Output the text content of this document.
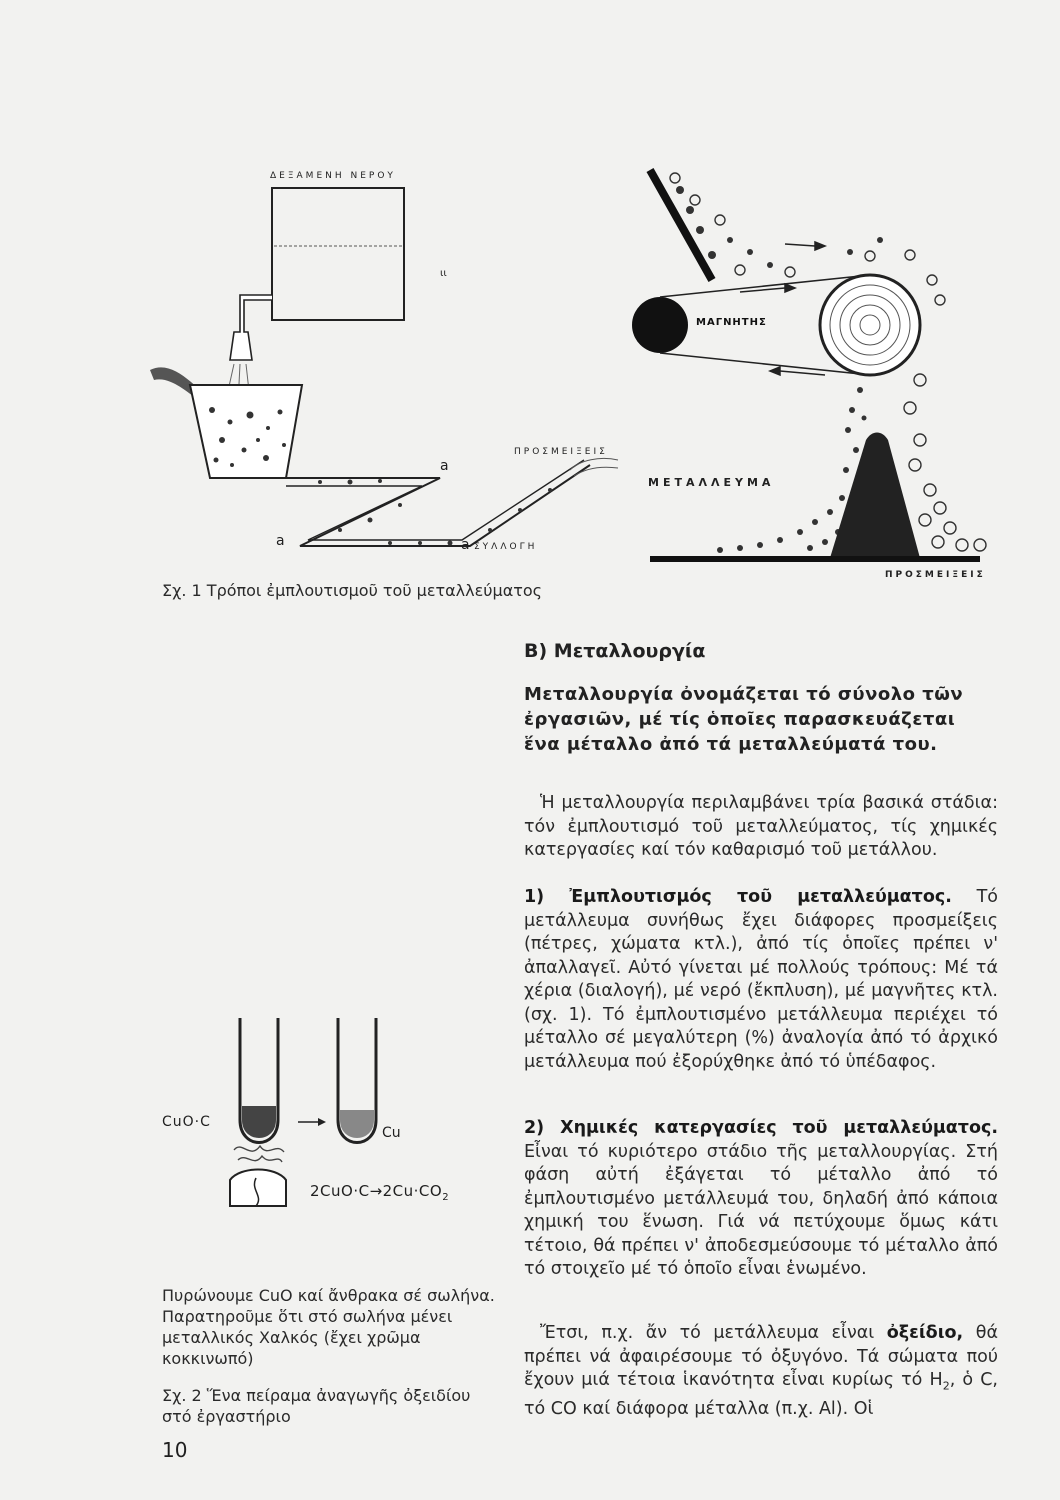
ΔΕΞΑΜΕΝΗ ΝΕΡΟΥ
ιι
a
a	a ΣΥΛΛΟΓΗ
ΠΡΟΣΜΕΙΞΕΙΣ
ΜΑΓΝΗΤΗΣ
ΜΕΤΑΛΛΕΥΜΑ
ΠΡΟΣΜΕΙΞΕΙΣ
Σχ. 1 Τρόποι ἐμπλουτισμοῦ τοῦ μεταλλεύματος
CuO·C
Cu
$2CuO\cdot C\to 2Cu\cdot CO_2$
Πυρώνουμε CuO καί ἄνθρακα σέ σωλήνα. Παρατηροῦμε ὅτι στό σωλήνα μένει μεταλλικός Χαλκός (ἔχει χρῶμα κοκκινωπό)
Σχ. 2 Ἕνα πείραμα ἀναγωγῆς ὀξειδίου στό ἐργαστήριο
10
Β) Μεταλλουργία
Μεταλλουργία ὀνομάζεται τό σύνολο τῶν ἐργασιῶν, μέ τίς ὁποῖες παρασκευάζεται ἕνα μέταλλο ἀπό τά μεταλλεύματά του.

Ἡ μεταλλουργία περιλαμβάνει τρία βασικά στάδια: τόν ἐμπλουτισμό τοῦ μεταλλεύματος, τίς χημικές κατεργασίες καί τόν καθαρισμό τοῦ μετάλλου.

1) Ἐμπλουτισμός τοῦ μεταλλεύματος. Τό μετάλλευμα συνήθως ἔχει διάφορες προσμείξεις (πέτρες, χώματα κτλ.), ἀπό τίς ὁποῖες πρέπει ν' ἀπαλλαγεῖ. Αὐτό γίνεται μέ πολλούς τρόπους: Μέ τά χέρια (διαλογή), μέ νερό (ἔκπλυση), μέ μαγνῆτες κτλ. (σχ. 1). Τό ἐμπλουτισμένο μετάλλευμα περιέχει τό μέταλλο σέ μεγαλύτερη (%) ἀναλογία ἀπό τό ἀρχικό μετάλλευμα πού ἐξορύχθηκε ἀπό τό ὑπέδαφος.

2) Χημικές κατεργασίες τοῦ μεταλλεύματος. Εἶναι τό κυριότερο στάδιο τῆς μεταλλουργίας. Στή φάση αὐτή ἐξάγεται τό μέταλλο ἀπό τό ἐμπλουτισμένο μετάλλευμά του, δηλαδή ἀπό κάποια χημική του ἕνωση. Γιά νά πετύχουμε ὅμως κάτι τέτοιο, θά πρέπει ν' ἀποδεσμεύσουμε τό μέταλλο ἀπό τό στοιχεῖο μέ τό ὁποῖο εἶναι ἑνωμένο.

Ἔτσι, π.χ. ἄν τό μετάλλευμα εἶναι ὀξείδιο, θά πρέπει νά ἀφαιρέσουμε τό ὀξυγόνο. Τά σώματα πού ἔχουν μιά τέτοια ἱκανότητα εἶναι κυρίως τό $H_2$, ὁ C, τό CO καί διάφορα μέταλλα (π.χ. Al). Οἱ
